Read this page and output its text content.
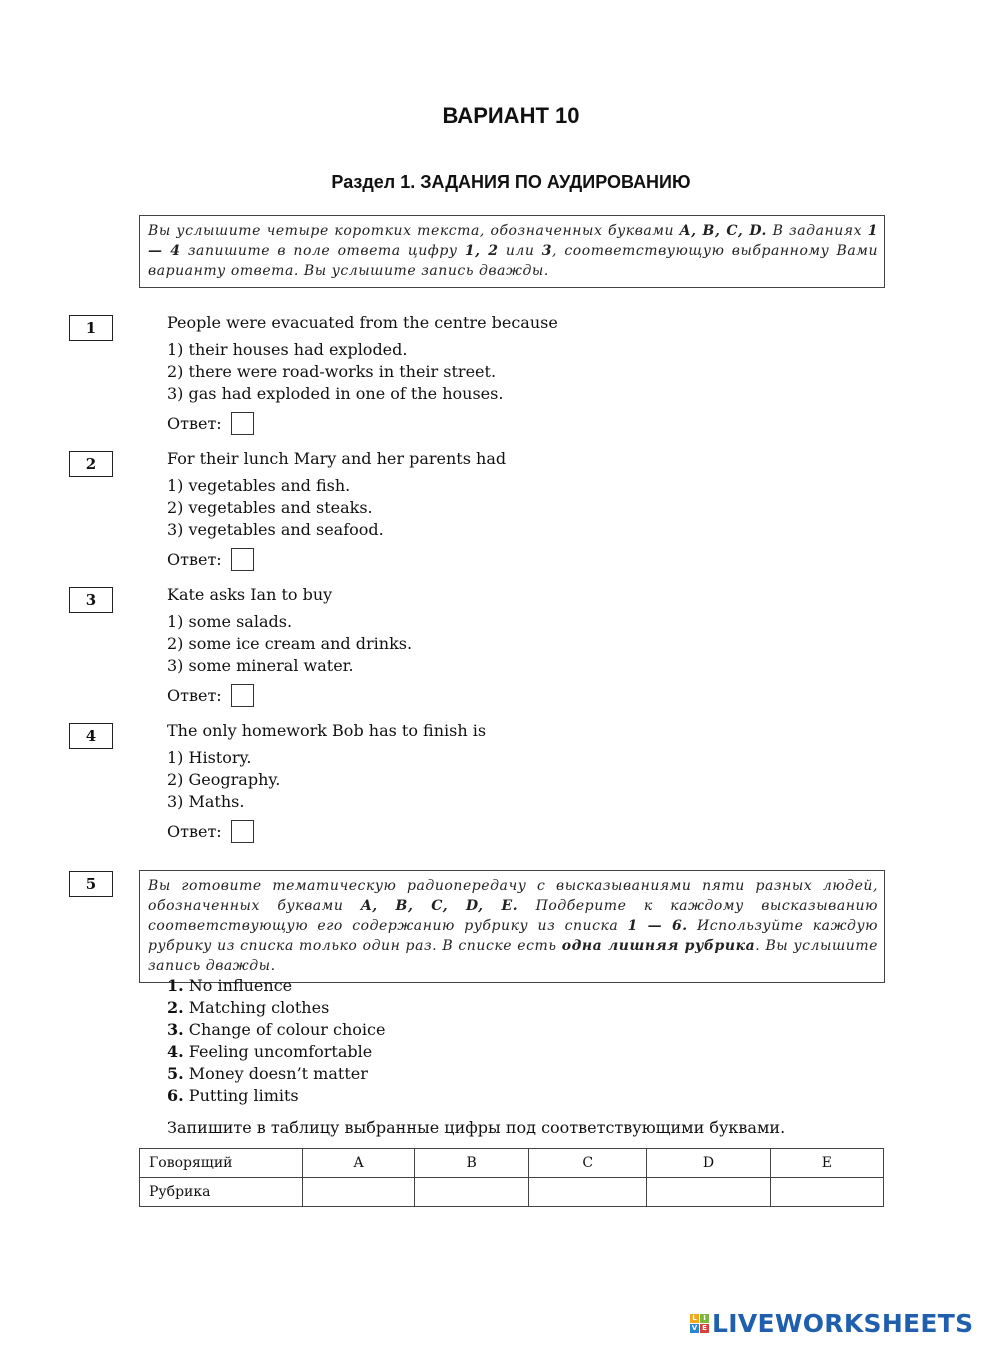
ВАРИАНТ 10
Раздел 1. ЗАДАНИЯ ПО АУДИРОВАНИЮ
Вы услышите четыре коротких текста, обозначенных буквами A, B, C, D. В заданиях 1 — 4 запишите в поле ответа цифру 1, 2 или 3, соответствующую выбранному Вами варианту ответа. Вы услышите запись дважды.
1	People were evacuated from the centre because
1) their houses had exploded.
2) there were road-works in their street.
3) gas had exploded in one of the houses.
Ответ:
2	For their lunch Mary and her parents had
1) vegetables and fish.
2) vegetables and steaks.
3) vegetables and seafood.
Ответ:
3	Kate asks Ian to buy
1) some salads.
2) some ice cream and drinks.
3) some mineral water.
Ответ:
4	The only homework Bob has to finish is
1) History.
2) Geography.
3) Maths.
Ответ:
5	Вы готовите тематическую радиопередачу с высказываниями пяти разных людей, обозначенных буквами A, B, C, D, E. Подберите к каждому высказыванию соответствующую его содержанию рубрику из списка 1 — 6. Используйте каждую рубрику из списка только один раз. В списке есть одна лишняя рубрика. Вы услышите запись дважды.
1. No influence
2. Matching clothes
3. Change of colour choice
4. Feeling uncomfortable
5. Money doesn’t matter
6. Putting limits
Запишите в таблицу выбранные цифры под соответствующими буквами.
Говорящий	A	B	C	D	E
Рубрика					
L I
V E LIVEWORKSHEETS
